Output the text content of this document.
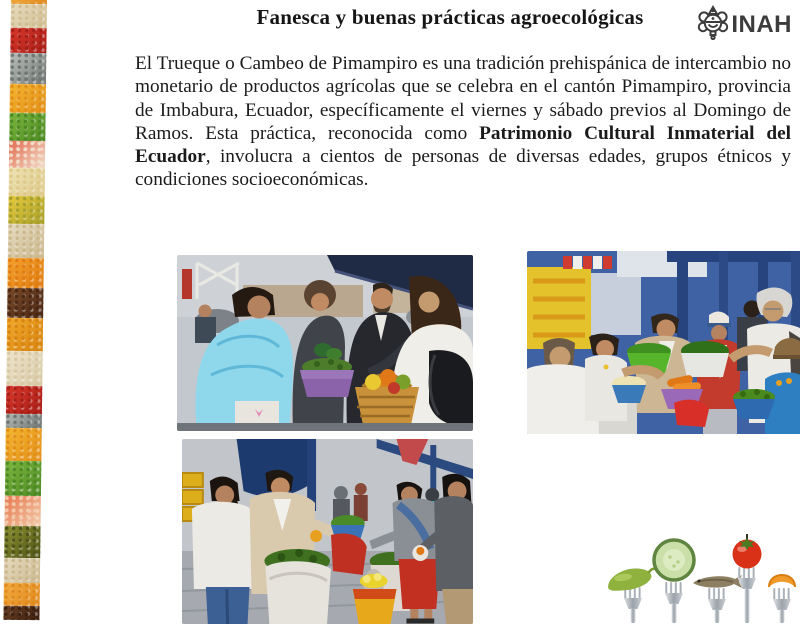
Fanesca y buenas prácticas agroecológicas	INAH

El Trueque o Cambeo de Pimampiro es una tradición prehispánica de intercambio no monetario de productos agrícolas que se celebra en el cantón Pimampiro, provincia de Imbabura, Ecuador, específicamente el viernes y sábado previos al Domingo de Ramos. Esta práctica, reconocida como Patrimonio Cultural Inmaterial del Ecuador, involucra a cientos de personas de diversas edades, grupos étnicos y condiciones socioeconómicas.
